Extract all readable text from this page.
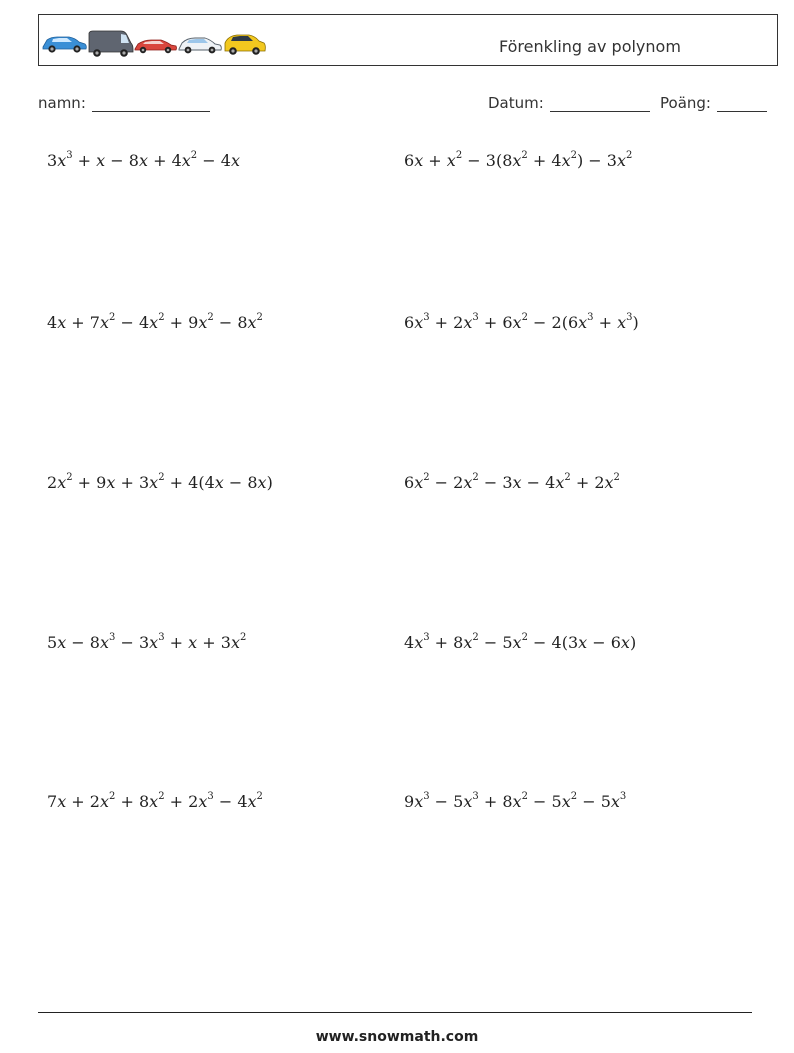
Förenkling av polynom
namn:	Datum:	Poäng:
$3x^3 + x - 8x + 4x^2 - 4x$	$6x + x^2 - 3(8x^2 + 4x^2) - 3x^2$
$4x + 7x^2 - 4x^2 + 9x^2 - 8x^2$	$6x^3 + 2x^3 + 6x^2 - 2(6x^3 + x^3)$
$2x^2 + 9x + 3x^2 + 4(4x - 8x)$	$6x^2 - 2x^2 - 3x - 4x^2 + 2x^2$
$5x - 8x^3 - 3x^3 + x + 3x^2$	$4x^3 + 8x^2 - 5x^2 - 4(3x - 6x)$
$7x + 2x^2 + 8x^2 + 2x^3 - 4x^2$	$9x^3 - 5x^3 + 8x^2 - 5x^2 - 5x^3$
www.snowmath.com
